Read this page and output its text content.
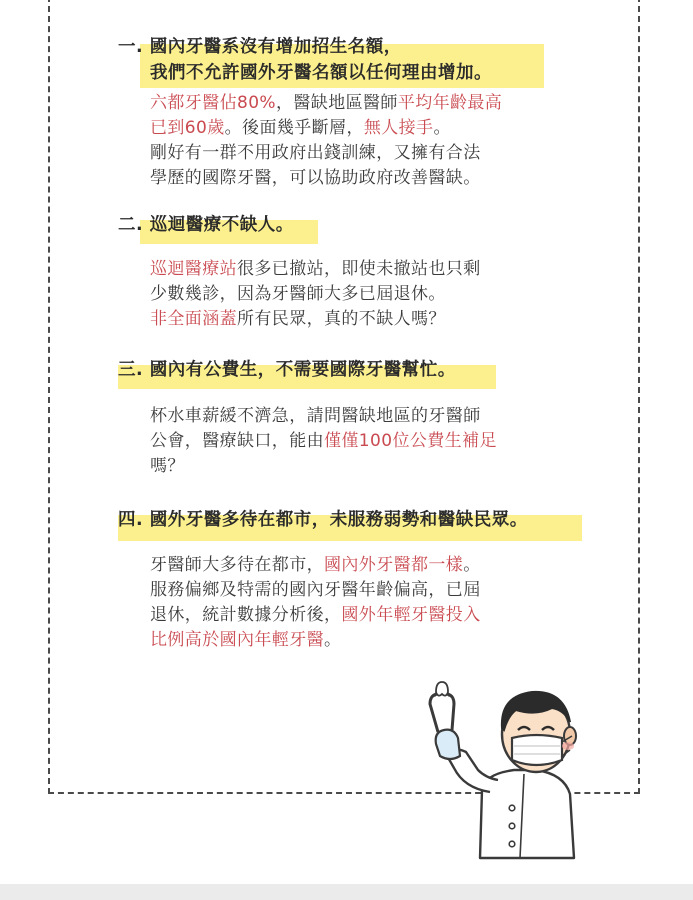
一. 國內牙醫系沒有增加招生名額，
我們不允許國外牙醫名額以任何理由增加。
六都牙醫佔80%，醫缺地區醫師平均年齡最高
已到60歲。後面幾乎斷層，無人接手。
剛好有一群不用政府出錢訓練，又擁有合法
學歷的國際牙醫，可以協助政府改善醫缺。
二. 巡迴醫療不缺人。
巡迴醫療站很多已撤站，即使未撤站也只剩
少數幾診，因為牙醫師大多已屆退休。
非全面涵蓋所有民眾，真的不缺人嗎？
三. 國內有公費生，不需要國際牙醫幫忙。
杯水車薪緩不濟急，請問醫缺地區的牙醫師
公會，醫療缺口，能由僅僅100位公費生補足
嗎？
四. 國外牙醫多待在都市，未服務弱勢和醫缺民眾。
牙醫師大多待在都市，國內外牙醫都一樣。
服務偏鄉及特需的國內牙醫年齡偏高，已屆
退休，統計數據分析後，國外年輕牙醫投入
比例高於國內年輕牙醫。
